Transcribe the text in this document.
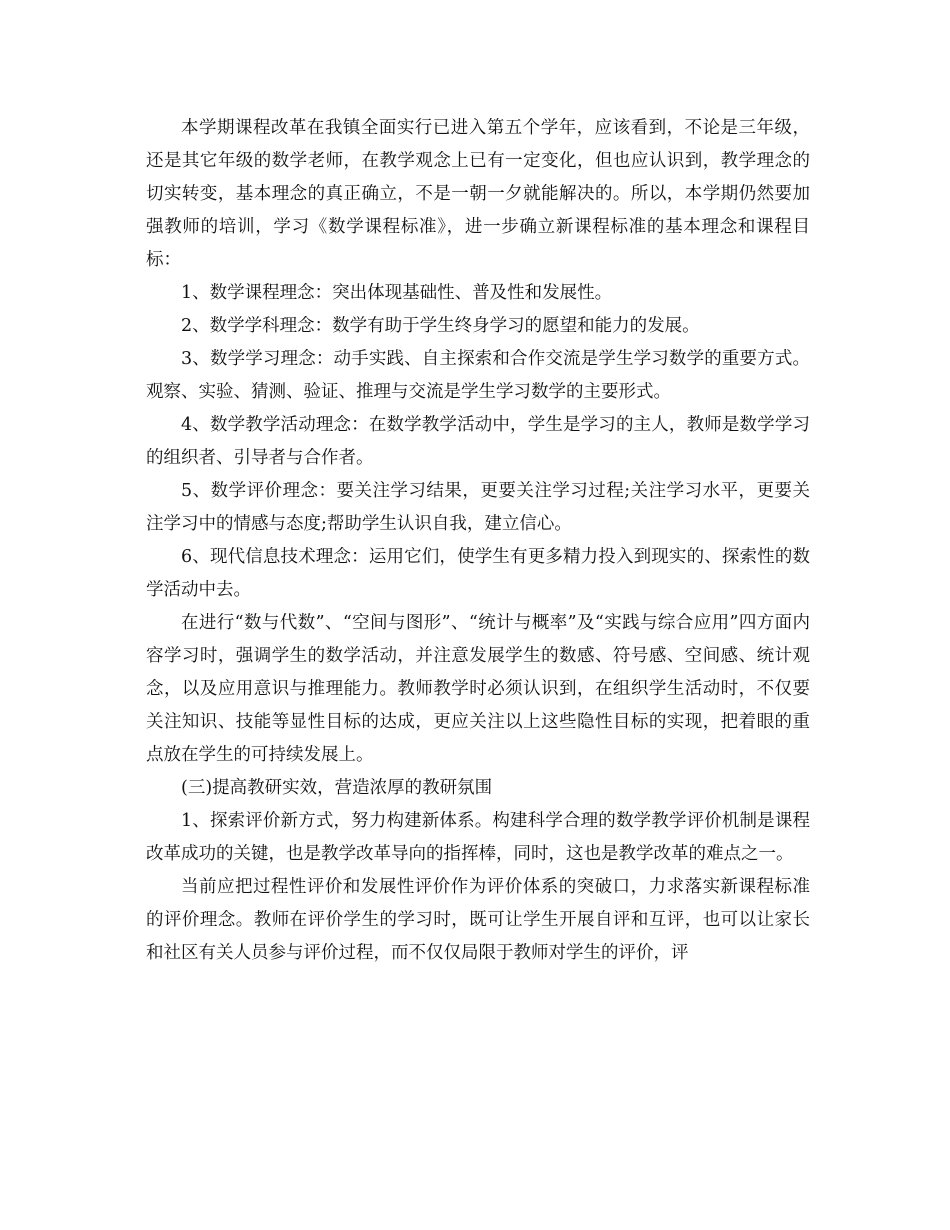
本学期课程改革在我镇全面实行已进入第五个学年，应该看到，不论是三年级，还是其它年级的数学老师，在教学观念上已有一定变化，但也应认识到，教学理念的切实转变，基本理念的真正确立，不是一朝一夕就能解决的。所以，本学期仍然要加强教师的培训，学习《数学课程标准》，进一步确立新课程标准的基本理念和课程目标：

1、数学课程理念：突出体现基础性、普及性和发展性。

2、数学学科理念：数学有助于学生终身学习的愿望和能力的发展。

3、数学学习理念：动手实践、自主探索和合作交流是学生学习数学的重要方式。观察、实验、猜测、验证、推理与交流是学生学习数学的主要形式。

4、数学教学活动理念：在数学教学活动中，学生是学习的主人，教师是数学学习的组织者、引导者与合作者。

5、数学评价理念：要关注学习结果，更要关注学习过程;关注学习水平，更要关注学习中的情感与态度;帮助学生认识自我，建立信心。

6、现代信息技术理念：运用它们，使学生有更多精力投入到现实的、探索性的数学活动中去。

在进行“数与代数”、“空间与图形”、“统计与概率”及“实践与综合应用”四方面内容学习时，强调学生的数学活动，并注意发展学生的数感、符号感、空间感、统计观念，以及应用意识与推理能力。教师教学时必须认识到，在组织学生活动时，不仅要关注知识、技能等显性目标的达成，更应关注以上这些隐性目标的实现，把着眼的重点放在学生的可持续发展上。

(三)提高教研实效，营造浓厚的教研氛围

1、探索评价新方式，努力构建新体系。构建科学合理的数学教学评价机制是课程改革成功的关键，也是教学改革导向的指挥棒，同时，这也是教学改革的难点之一。

当前应把过程性评价和发展性评价作为评价体系的突破口，力求落实新课程标准的评价理念。教师在评价学生的学习时，既可让学生开展自评和互评，也可以让家长和社区有关人员参与评价过程，而不仅仅局限于教师对学生的评价，评
